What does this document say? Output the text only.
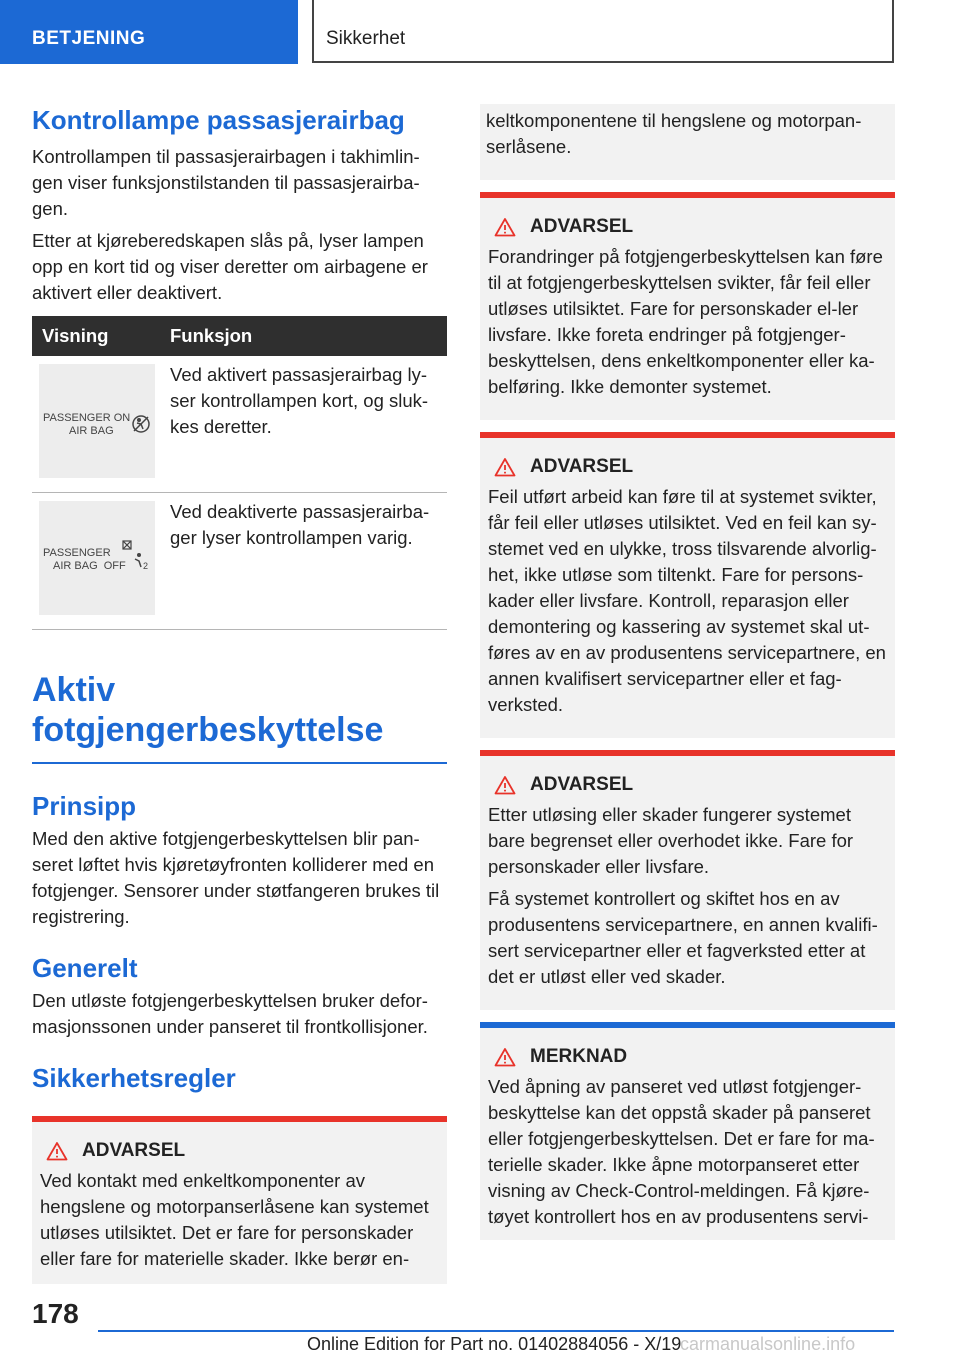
BETJENING	Sikkerhet
Kontrollampe passasjerairbag

Kontrollampen til passasjerairbagen i takhimlin-gen viser funksjonstilstanden til passasjerairba-gen.

Etter at kjøreberedskapen slås på, lyser lampen opp en kort tid og viser deretter om airbagene er aktivert eller deaktivert.

Visning	Funksjon
PASSENGER ON
AIR BAG
Ved aktivert passasjerairbag ly-ser kontrollampen kort, og sluk-kes deretter.
PASSENGER
AIR BAG  OFF 2
Ved deaktiverte passasjerairba-ger lyser kontrollampen varig.
Aktiv fotgjengerbeskyttelse
Prinsipp

Med den aktive fotgjengerbeskyttelsen blir pan-seret løftet hvis kjøretøyfronten kolliderer med en fotgjenger. Sensorer under støtfangeren brukes til registrering.

Generelt

Den utløste fotgjengerbeskyttelsen bruker defor-masjonssonen under panseret til frontkollisjoner.

Sikkerhetsregler
ADVARSEL

Ved kontakt med enkeltkomponenter av hengslene og motorpanserlåsene kan systemet utløses utilsiktet. Det er fare for personskader eller fare for materielle skader. Ikke berør en-

keltkomponentene til hengslene og motorpan-serlåsene.

ADVARSEL

Forandringer på fotgjengerbeskyttelsen kan føre til at fotgjengerbeskyttelsen svikter, får feil eller utløses utilsiktet. Fare for personskader el-ler livsfare. Ikke foreta endringer på fotgjenger-beskyttelsen, dens enkeltkomponenter eller ka-belføring. Ikke demonter systemet.

ADVARSEL

Feil utført arbeid kan føre til at systemet svikter, får feil eller utløses utilsiktet. Ved en feil kan sy-stemet ved en ulykke, tross tilsvarende alvorlig-het, ikke utløse som tiltenkt. Fare for persons-kader eller livsfare. Kontroll, reparasjon eller demontering og kassering av systemet skal ut-føres av en av produsentens servicepartnere, en annen kvalifisert servicepartner eller et fag-verksted.

ADVARSEL

Etter utløsing eller skader fungerer systemet bare begrenset eller overhodet ikke. Fare for personskader eller livsfare.

Få systemet kontrollert og skiftet hos en av produsentens servicepartnere, en annen kvalifi-sert servicepartner eller et fagverksted etter at det er utløst eller ved skader.

MERKNAD

Ved åpning av panseret ved utløst fotgjenger-beskyttelse kan det oppstå skader på panseret eller fotgjengerbeskyttelsen. Det er fare for ma-terielle skader. Ikke åpne motorpanseret etter visning av Check-Control-meldingen. Få kjøre-tøyet kontrollert hos en av produsentens servi-

178
Online Edition for Part no. 01402884056 - X/19
carmanualsonline.info
